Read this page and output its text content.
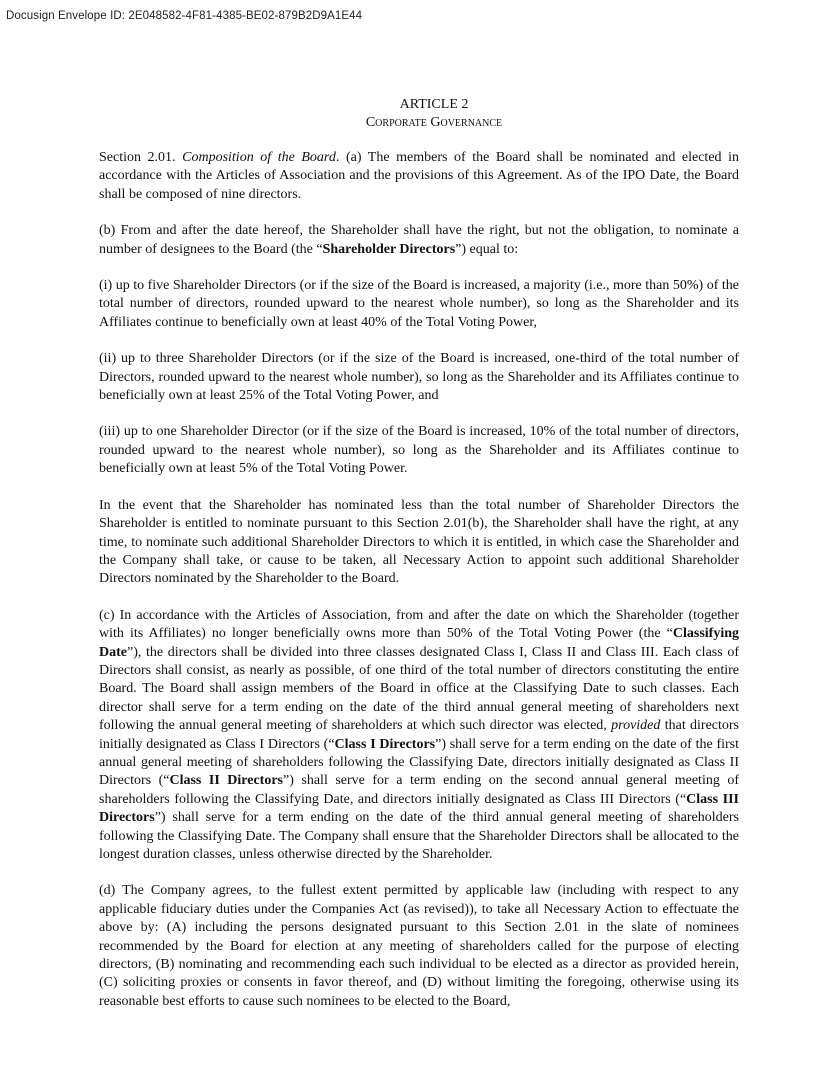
Docusign Envelope ID: 2E048582-4F81-4385-BE02-879B2D9A1E44
ARTICLE 2
Corporate Governance

Section 2.01. Composition of the Board. (a) The members of the Board shall be nominated and elected in accordance with the Articles of Association and the provisions of this Agreement. As of the IPO Date, the Board shall be composed of nine directors.

(b) From and after the date hereof, the Shareholder shall have the right, but not the obligation, to nominate a number of designees to the Board (the “Shareholder Directors”) equal to:

(i) up to five Shareholder Directors (or if the size of the Board is increased, a majority (i.e., more than 50%) of the total number of directors, rounded upward to the nearest whole number), so long as the Shareholder and its Affiliates continue to beneficially own at least 40% of the Total Voting Power,

(ii) up to three Shareholder Directors (or if the size of the Board is increased, one-third of the total number of Directors, rounded upward to the nearest whole number), so long as the Shareholder and its Affiliates continue to beneficially own at least 25% of the Total Voting Power, and

(iii) up to one Shareholder Director (or if the size of the Board is increased, 10% of the total number of directors, rounded upward to the nearest whole number), so long as the Shareholder and its Affiliates continue to beneficially own at least 5% of the Total Voting Power.

In the event that the Shareholder has nominated less than the total number of Shareholder Directors the Shareholder is entitled to nominate pursuant to this Section 2.01(b), the Shareholder shall have the right, at any time, to nominate such additional Shareholder Directors to which it is entitled, in which case the Shareholder and the Company shall take, or cause to be taken, all Necessary Action to appoint such additional Shareholder Directors nominated by the Shareholder to the Board.

(c) In accordance with the Articles of Association, from and after the date on which the Shareholder (together with its Affiliates) no longer beneficially owns more than 50% of the Total Voting Power (the “Classifying Date”), the directors shall be divided into three classes designated Class I, Class II and Class III. Each class of Directors shall consist, as nearly as possible, of one third of the total number of directors constituting the entire Board. The Board shall assign members of the Board in office at the Classifying Date to such classes. Each director shall serve for a term ending on the date of the third annual general meeting of shareholders next following the annual general meeting of shareholders at which such director was elected, provided that directors initially designated as Class I Directors (“Class I Directors”) shall serve for a term ending on the date of the first annual general meeting of shareholders following the Classifying Date, directors initially designated as Class II Directors (“Class II Directors”) shall serve for a term ending on the second annual general meeting of shareholders following the Classifying Date, and directors initially designated as Class III Directors (“Class III Directors”) shall serve for a term ending on the date of the third annual general meeting of shareholders following the Classifying Date. The Company shall ensure that the Shareholder Directors shall be allocated to the longest duration classes, unless otherwise directed by the Shareholder.

(d) The Company agrees, to the fullest extent permitted by applicable law (including with respect to any applicable fiduciary duties under the Companies Act (as revised)), to take all Necessary Action to effectuate the above by: (A) including the persons designated pursuant to this Section 2.01 in the slate of nominees recommended by the Board for election at any meeting of shareholders called for the purpose of electing directors, (B) nominating and recommending each such individual to be elected as a director as provided herein, (C) soliciting proxies or consents in favor thereof, and (D) without limiting the foregoing, otherwise using its reasonable best efforts to cause such nominees to be elected to the Board,
